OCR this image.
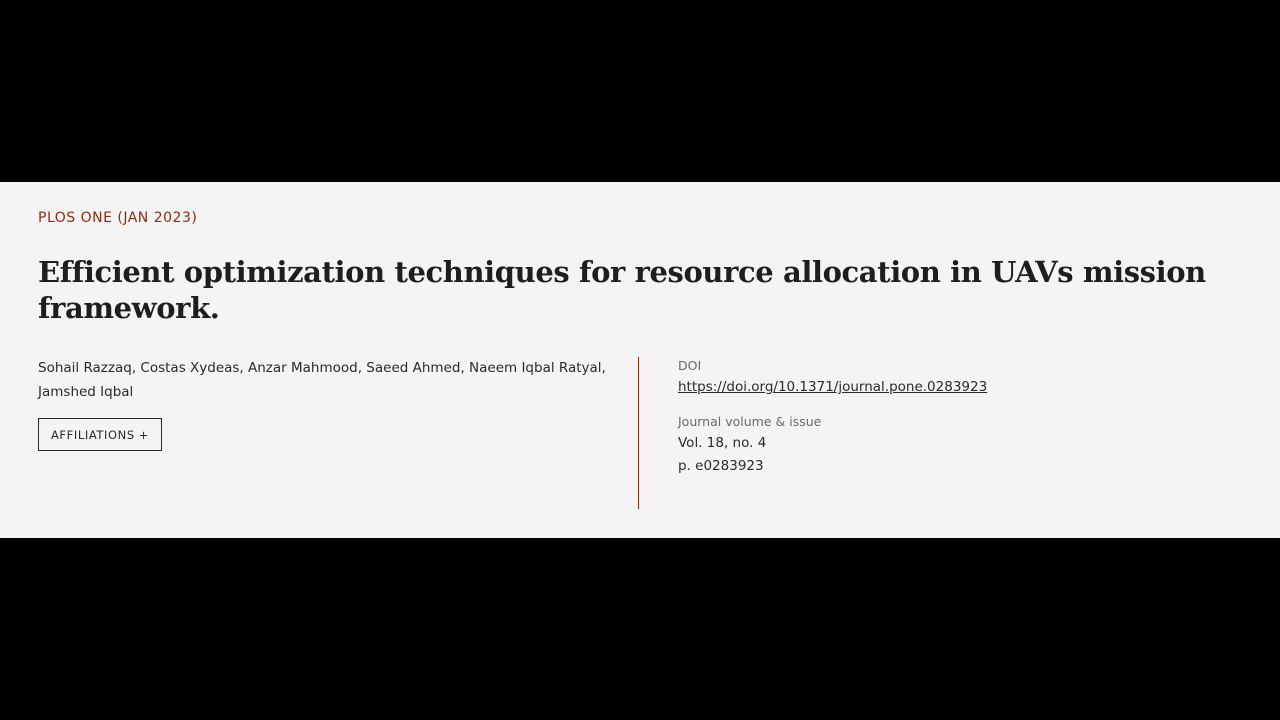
PLOS ONE (JAN 2023)
Efficient optimization techniques for resource allocation in UAVs mission framework.
Sohail Razzaq, Costas Xydeas, Anzar Mahmood, Saeed Ahmed, Naeem Iqbal Ratyal, Jamshed Iqbal
AFFILIATIONS +
DOI
https://doi.org/10.1371/journal.pone.0283923
Journal volume & issue
Vol. 18, no. 4
p. e0283923
